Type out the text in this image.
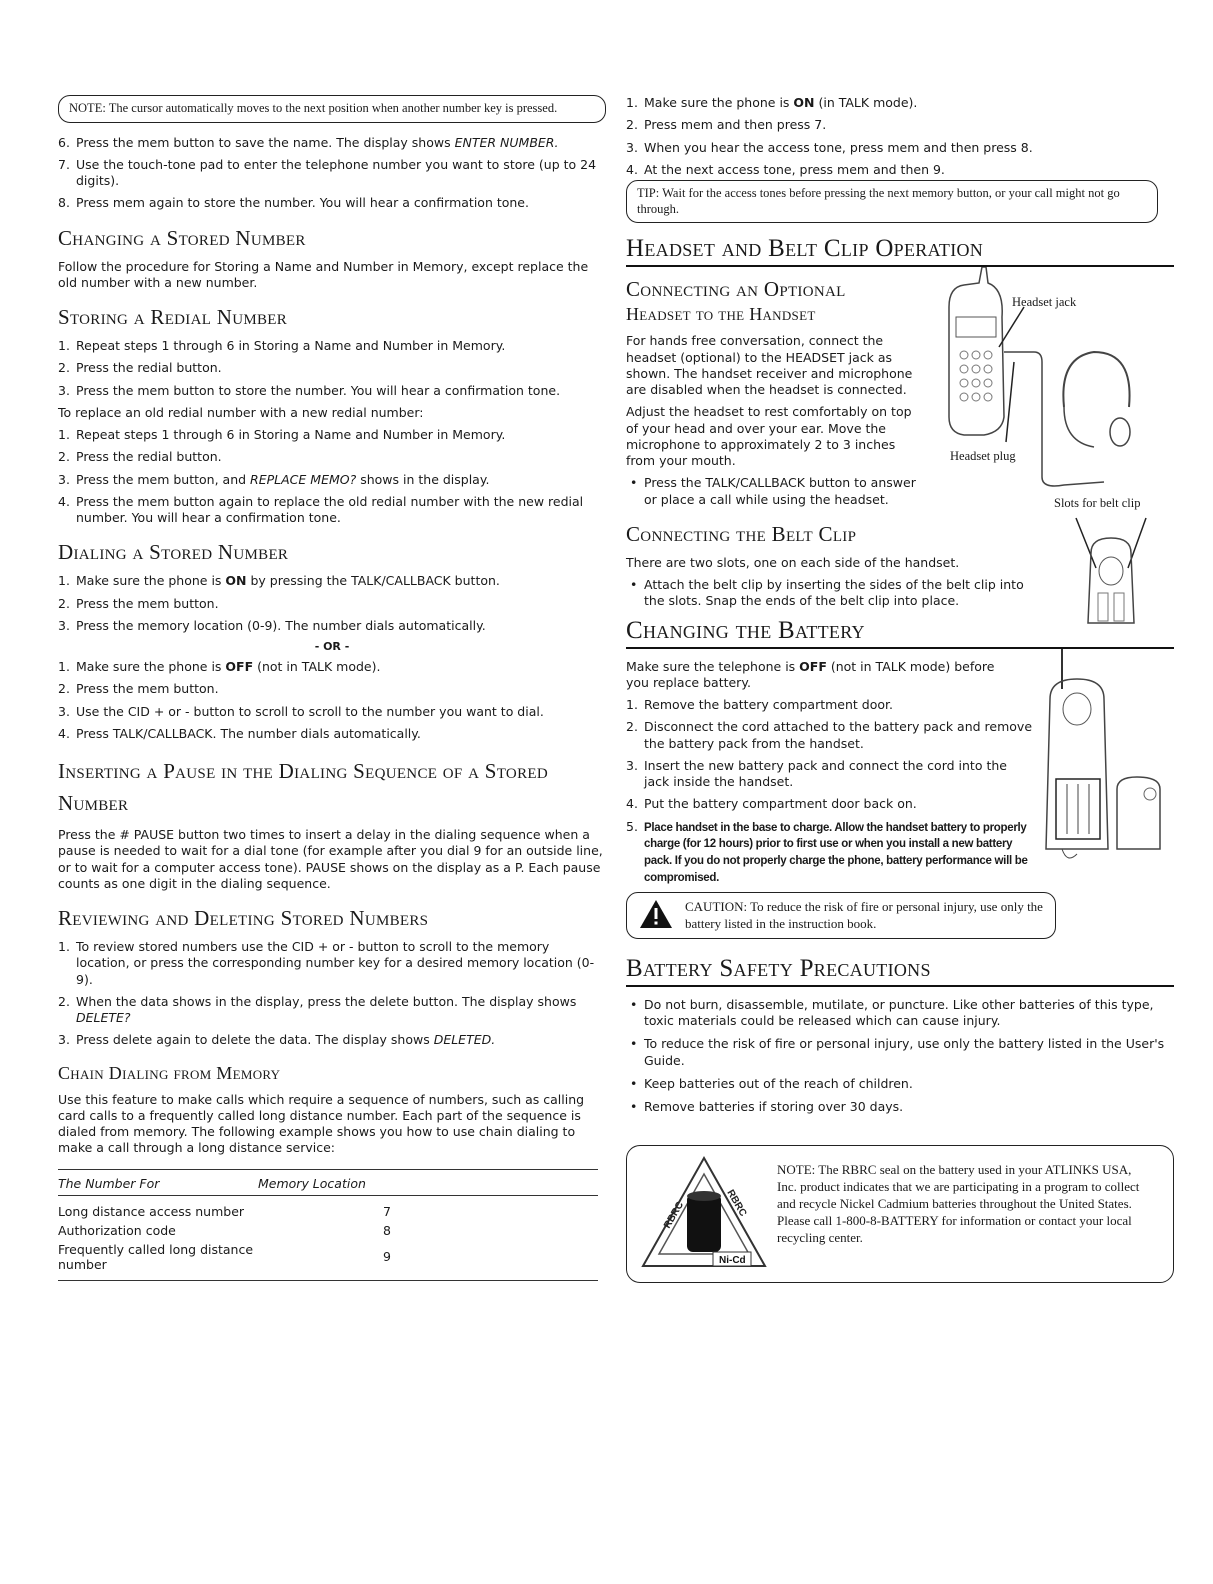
NOTE: The cursor automatically moves to the next position when another number key is pressed.
6. Press the mem button to save the name. The display shows ENTER NUMBER.
7. Use the touch-tone pad to enter the telephone number you want to store (up to 24 digits).
8. Press mem again to store the number. You will hear a confirmation tone.
Changing a Stored Number

Follow the procedure for Storing a Name and Number in Memory, except replace the old number with a new number.

Storing a Redial Number
1. Repeat steps 1 through 6 in Storing a Name and Number in Memory.
2. Press the redial button.
3. Press the mem button to store the number. You will hear a confirmation tone.

To replace an old redial number with a new redial number:

1. Repeat steps 1 through 6 in Storing a Name and Number in Memory.
2. Press the redial button.
3. Press the mem button, and REPLACE MEMO? shows in the display.
4. Press the mem button again to replace the old redial number with the new redial number. You will hear a confirmation tone.
Dialing a Stored Number
1. Make sure the phone is ON by pressing the TALK/CALLBACK button.
2. Press the mem button.
3. Press the memory location (0-9). The number dials automatically.
- OR -
1. Make sure the phone is OFF (not in TALK mode).
2. Press the mem button.
3. Use the CID + or - button to scroll to scroll to the number you want to dial.
4. Press TALK/CALLBACK. The number dials automatically.
Inserting a Pause in the Dialing Sequence of a Stored Number

Press the # PAUSE button two times to insert a delay in the dialing sequence when a pause is needed to wait for a dial tone (for example after you dial 9 for an outside line, or to wait for a computer access tone). PAUSE shows on the display as a P. Each pause counts as one digit in the dialing sequence.

Reviewing and Deleting Stored Numbers
1. To review stored numbers use the CID + or - button to scroll to the memory location, or press the corresponding number key for a desired memory location (0-9).
2. When the data shows in the display, press the delete button. The display shows DELETE?
3. Press delete again to delete the data. The display shows DELETED.
Chain Dialing from Memory

Use this feature to make calls which require a sequence of numbers, such as calling card calls to a frequently called long distance number. Each part of the sequence is dialed from memory. The following example shows you how to use chain dialing to make a call through a long distance service:

The Number For	Memory Location
Long distance access number	7
Authorization code	8
Frequently called long distance number	9
1. Make sure the phone is ON (in TALK mode).
2. Press mem and then press 7.
3. When you hear the access tone, press mem and then press 8.
4. At the next access tone, press mem and then 9.
TIP: Wait for the access tones before pressing the next memory button, or your call might not go through.
Headset and Belt Clip Operation
Connecting an Optional
Headset to the Handset

For hands free conversation, connect the headset (optional) to the HEADSET jack as shown. The handset receiver and microphone are disabled when the headset is connected.

Adjust the headset to rest comfortably on top of your head and over your ear. Move the microphone to approximately 2 to 3 inches from your mouth.

• Press the TALK/CALLBACK button to answer or place a call while using the headset.
Headset jack
Headset plug
Slots for belt clip
Connecting the Belt Clip

There are two slots, one on each side of the handset.

• Attach the belt clip by inserting the sides of the belt clip into the slots. Snap the ends of the belt clip into place.
Changing the Battery

Make sure the telephone is OFF (not in TALK mode) before you replace battery.

1. Remove the battery compartment door.
2. Disconnect the cord attached to the battery pack and remove the battery pack from the handset.
3. Insert the new battery pack and connect the cord into the jack inside the handset.
4. Put the battery compartment door back on.
5. Place handset in the base to charge. Allow the handset battery to properly charge (for 12 hours) prior to first use or when you install a new battery pack. If you do not properly charge the phone, battery performance will be compromised.
CAUTION: To reduce the risk of fire or personal injury, use only the battery listed in the instruction book.
Battery Safety Precautions
• Do not burn, disassemble, mutilate, or puncture. Like other batteries of this type, toxic materials could be released which can cause injury.
• To reduce the risk of fire or personal injury, use only the battery listed in the User's Guide.
• Keep batteries out of the reach of children.
• Remove batteries if storing over 30 days.
RBRC
RBRC
Ni-Cd
NOTE: The RBRC seal on the battery used in your ATLINKS USA, Inc. product indicates that we are participating in a program to collect and recycle Nickel Cadmium batteries throughout the United States. Please call 1-800-8-BATTERY for information or contact your local recycling center.
